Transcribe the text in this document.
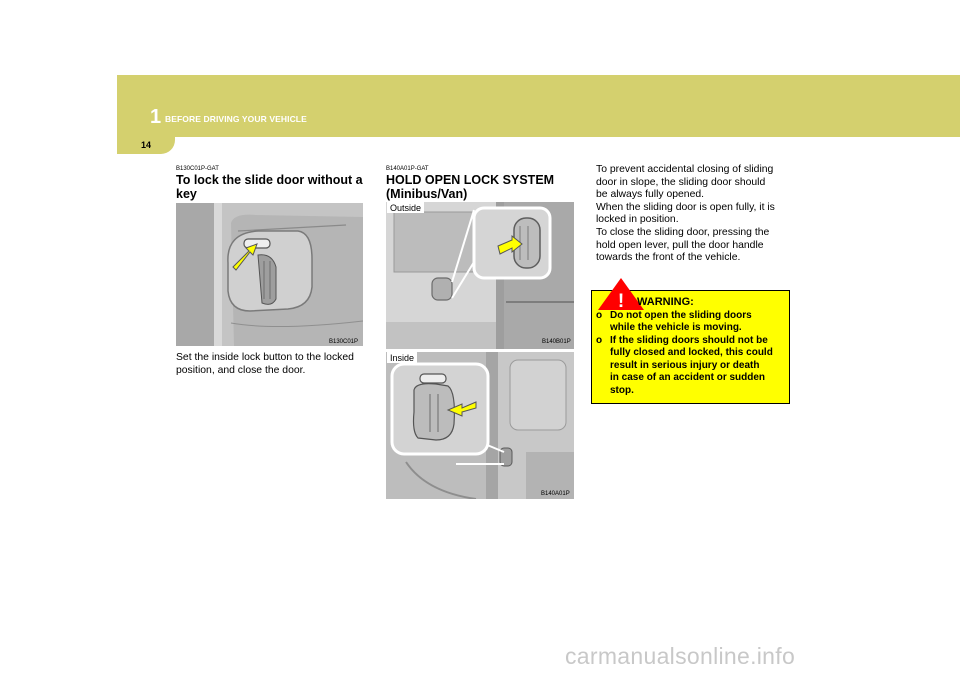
1 BEFORE DRIVING YOUR VEHICLE
14
B130C01P-GAT
To lock the slide door without a
key
B130C01P
Set the inside lock button to the locked
position, and close the door.
B140A01P-GAT
HOLD OPEN LOCK SYSTEM
(Minibus/Van)
Outside
B140B01P
Inside
B140A01P
To prevent accidental closing of sliding
door in slope, the sliding door should
be always fully opened.
When the sliding door is open fully, it is
locked in position.
To close the sliding door, pressing the
hold open lever, pull the door handle
towards the front of the vehicle.
! WARNING:
o Do not open the sliding doors
while the vehicle is moving.
o If the sliding doors should not be
fully closed and locked, this could
result in serious injury or death
in case of an accident or sudden
stop.
carmanualsonline.info
